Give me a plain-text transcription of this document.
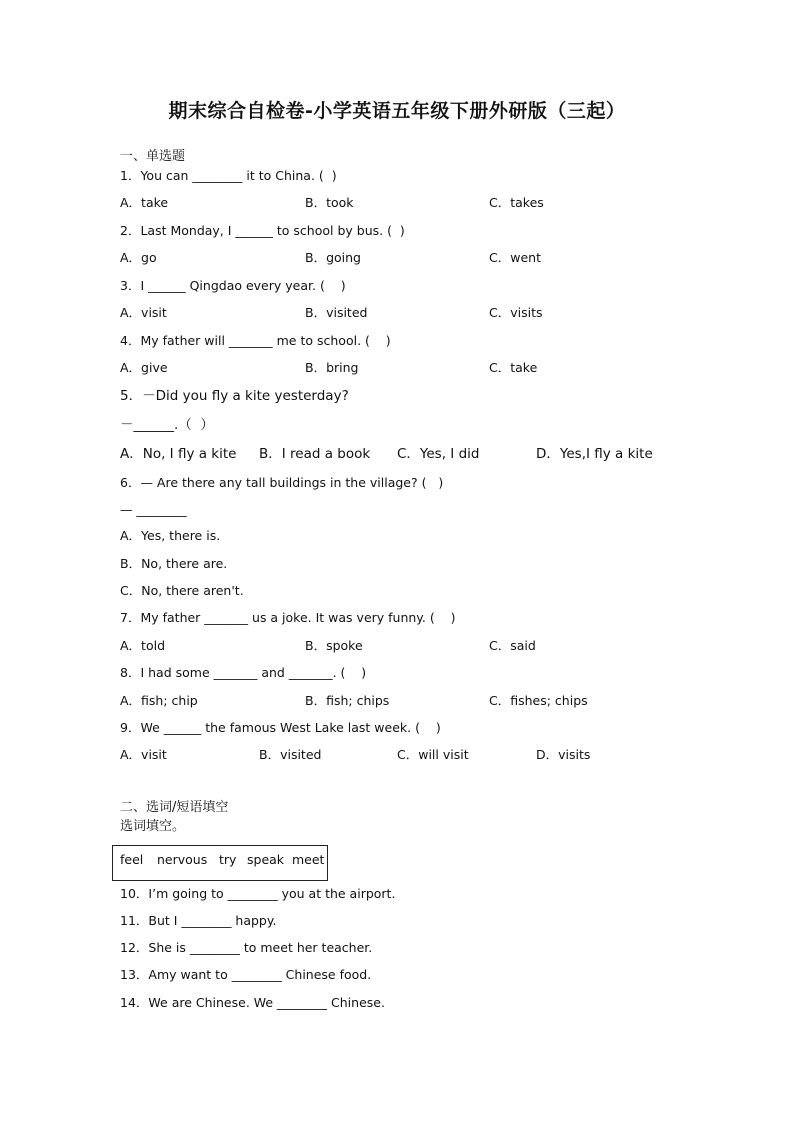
期末综合自检卷-小学英语五年级下册外研版（三起）
一、单选题
1．You can ________ it to China. (  )
A．take	B．took	C．takes
2．Last Monday, I ______ to school by bus. (  )
A．go	B．going	C．went
3．I ______ Qingdao every year. (    )
A．visit	B．visited	C．visits
4．My father will _______ me to school. (    )
A．give	B．bring	C．take
5．－Did you fly a kite yesterday?
－______.（  ）
A．No, I fly a kite B．I read a book C．Yes, I did	D．Yes,I fly a kite
6．— Are there any tall buildings in the village? (   )
— ________
A．Yes, there is.
B．No, there are.
C．No, there aren't.
7．My father _______ us a joke. It was very funny. (    )
A．told	B．spoke	C．said
8．I had some _______ and _______. (    )
A．fish; chip	B．fish; chips	C．fishes; chips
9．We ______ the famous West Lake last week. (    )
A．visit	B．visited	C．will visit	D．visits
二、选词/短语填空
选词填空。
feel nervous try speak meet
10．I’m going to ________ you at the airport.
11．But I ________ happy.
12．She is ________ to meet her teacher.
13．Amy want to ________ Chinese food.
14．We are Chinese. We ________ Chinese.
